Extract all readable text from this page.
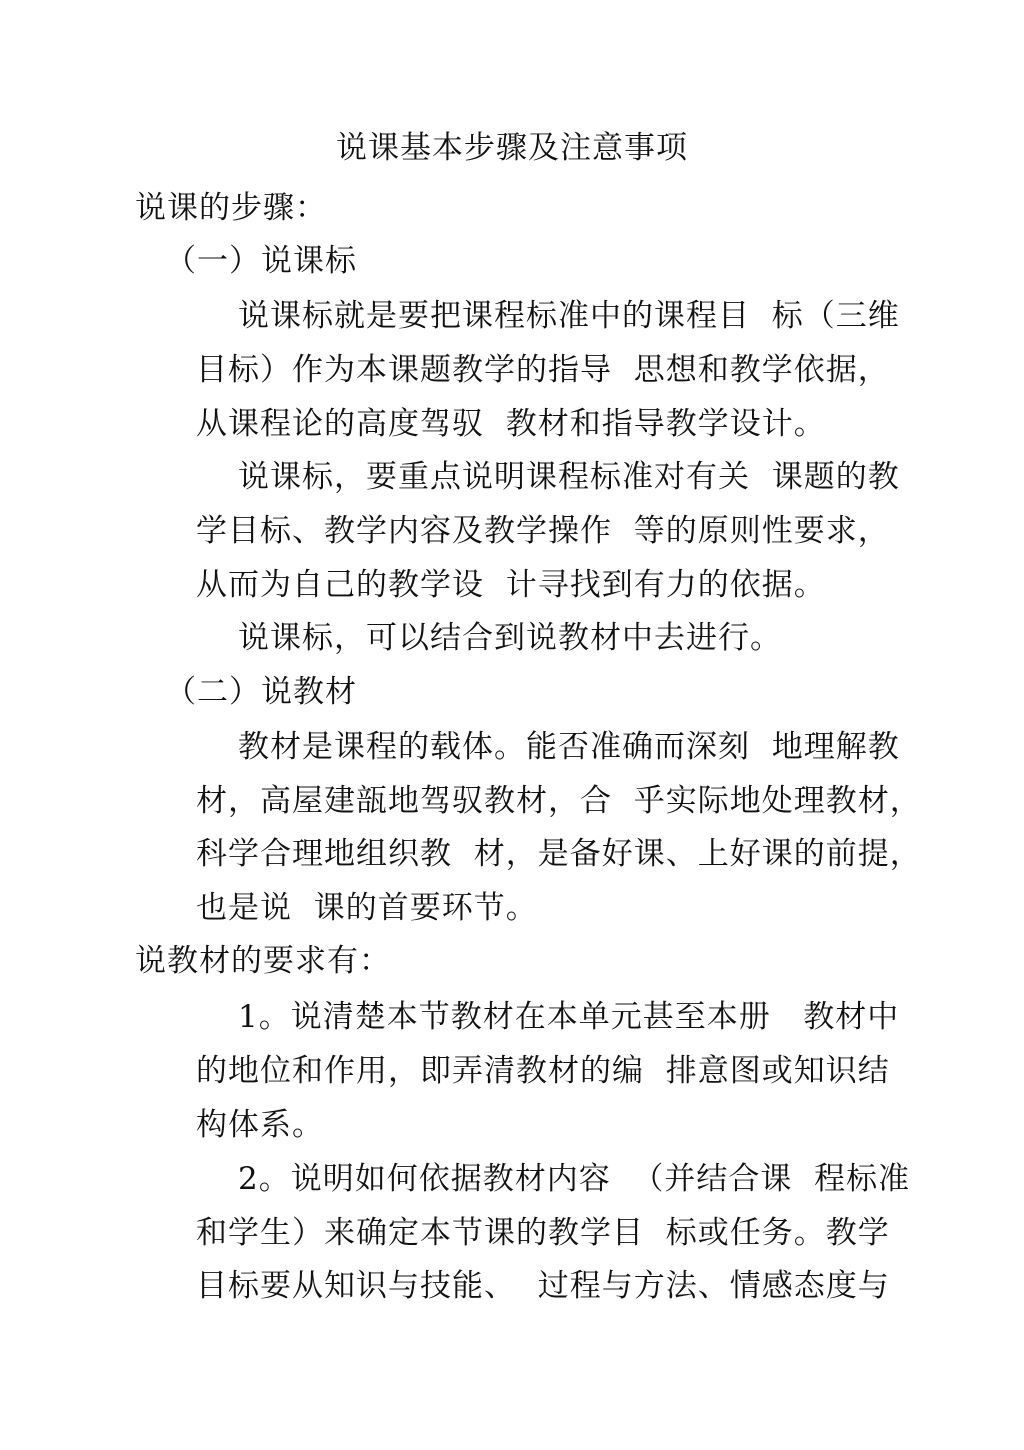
说课基本步骤及注意事项
说课的步骤：
（一）说课标
说课标就是要把课程标准中的课程目  标（三维
目标）作为本课题教学的指导  思想和教学依据，
从课程论的高度驾驭  教材和指导教学设计。
说课标，要重点说明课程标准对有关  课题的教
学目标、教学内容及教学操作  等的原则性要求，
从而为自己的教学设  计寻找到有力的依据。
说课标，可以结合到说教材中去进行。
（二）说教材
教材是课程的载体。能否准确而深刻  地理解教
材，高屋建瓿地驾驭教材，合  乎实际地处理教材，
科学合理地组织教  材，是备好课、上好课的前提，
也是说  课的首要环节。
说教材的要求有：
1。说清楚本节教材在本单元甚至本册   教材中
的地位和作用，即弄清教材的编  排意图或知识结
构体系。
2。说明如何依据教材内容  （并结合课  程标准
和学生）来确定本节课的教学目  标或任务。教学
目标要从知识与技能、  过程与方法、情感态度与
